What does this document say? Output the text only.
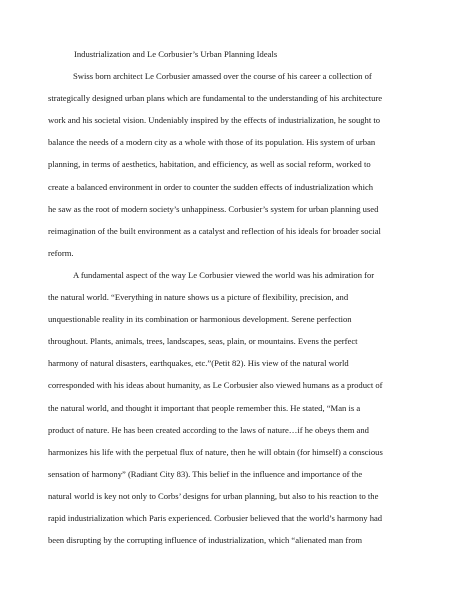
Industrialization and Le Corbusier’s Urban Planning Ideals
Swiss born architect Le Corbusier amassed over the course of his career a collection of
strategically designed urban plans which are fundamental to the understanding of his architecture
work and his societal vision. Undeniably inspired by the effects of industrialization, he sought to
balance the needs of a modern city as a whole with those of its population. His system of urban
planning, in terms of aesthetics, habitation, and efficiency, as well as social reform, worked to
create a balanced environment in order to counter the sudden effects of industrialization which
he saw as the root of modern society’s unhappiness. Corbusier’s system for urban planning used
reimagination of the built environment as a catalyst and reflection of his ideals for broader social
reform.
A fundamental aspect of the way Le Corbusier viewed the world was his admiration for
the natural world. “Everything in nature shows us a picture of flexibility, precision, and
unquestionable reality in its combination or harmonious development. Serene perfection
throughout. Plants, animals, trees, landscapes, seas, plain, or mountains. Evens the perfect
harmony of natural disasters, earthquakes, etc.”(Petit 82). His view of the natural world
corresponded with his ideas about humanity, as Le Corbusier also viewed humans as a product of
the natural world, and thought it important that people remember this. He stated, “Man is a
product of nature. He has been created according to the laws of nature…if he obeys them and
harmonizes his life with the perpetual flux of nature, then he will obtain (for himself) a conscious
sensation of harmony” (Radiant City 83). This belief in the influence and importance of the
natural world is key not only to Corbs’ designs for urban planning, but also to his reaction to the
rapid industrialization which Paris experienced. Corbusier believed that the world’s harmony had
been disrupting by the corrupting influence of industrialization, which “alienated man from
